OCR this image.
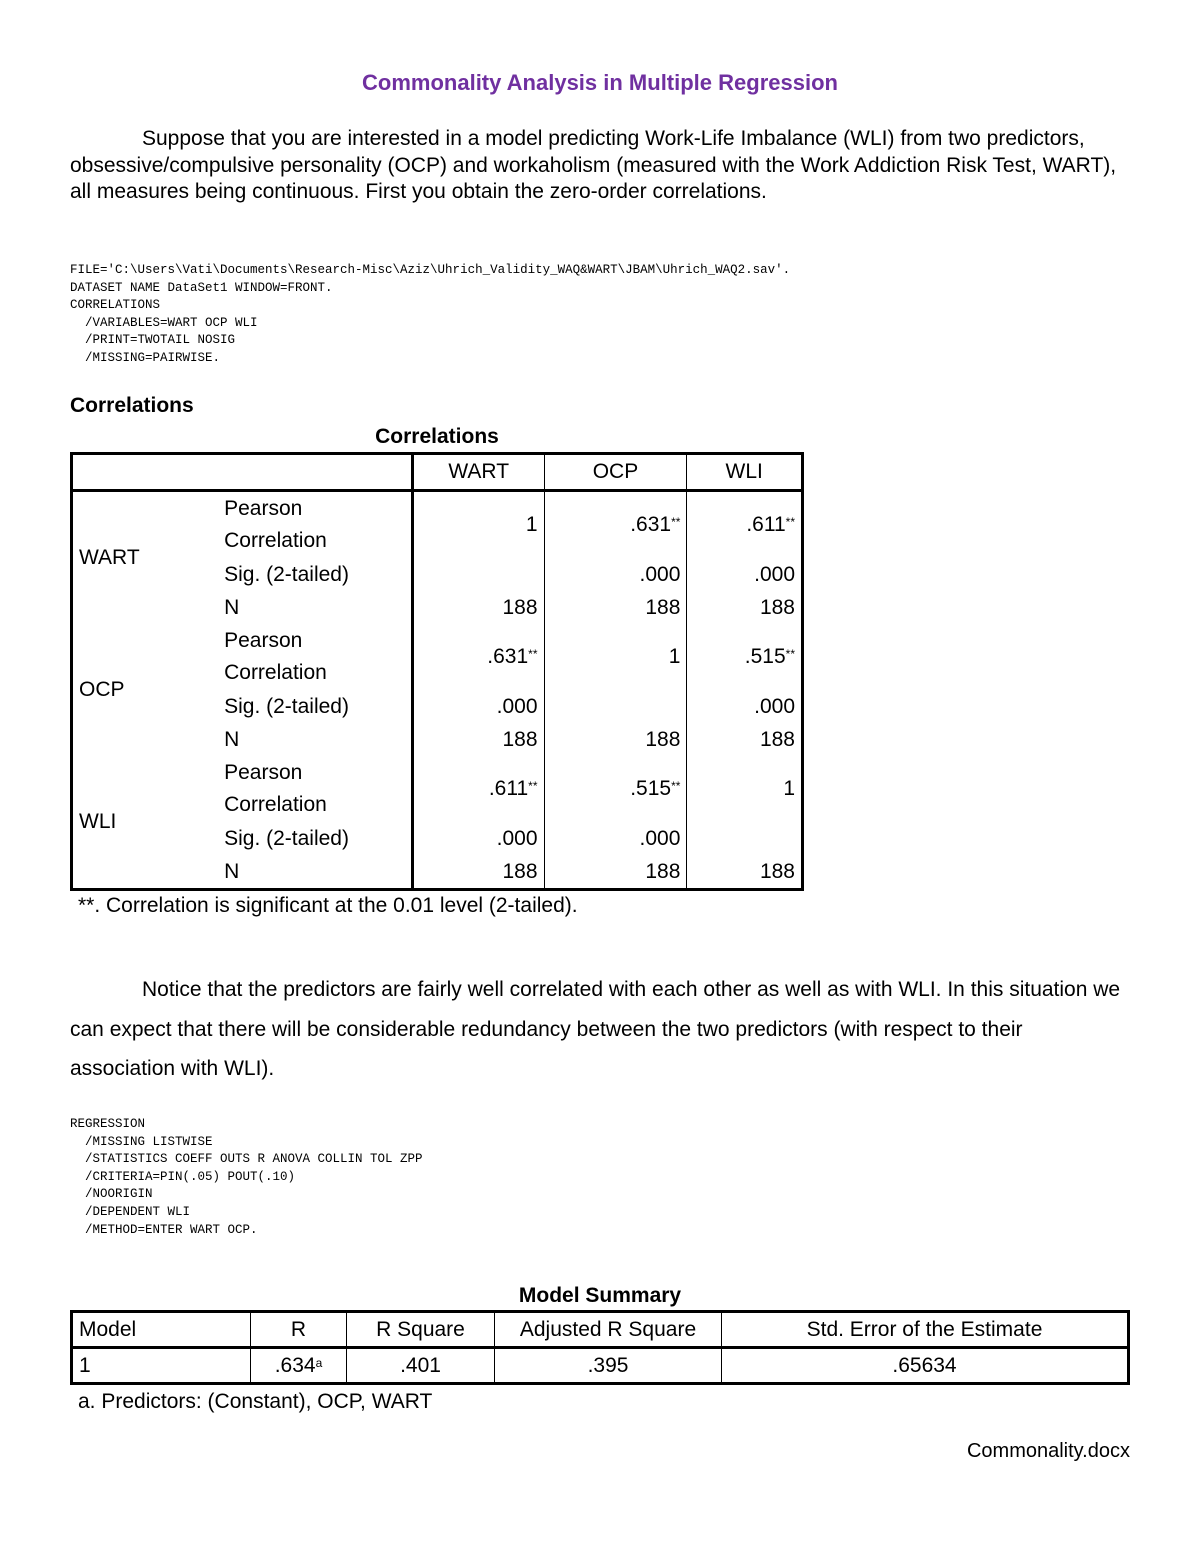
Commonality Analysis in Multiple Regression
Suppose that you are interested in a model predicting Work-Life Imbalance (WLI) from two predictors, obsessive/compulsive personality (OCP) and workaholism (measured with the Work Addiction Risk Test, WART), all measures being continuous. First you obtain the zero-order correlations.
FILE='C:\Users\Vati\Documents\Research-Misc\Aziz\Uhrich_Validity_WAQ&WART\JBAM\Uhrich_WAQ2.sav'.
DATASET NAME DataSet1 WINDOW=FRONT.
CORRELATIONS
/VARIABLES=WART OCP WLI
/PRINT=TWOTAIL NOSIG
/MISSING=PAIRWISE.
Correlations
Correlations
		WART	OCP	WLI
WART	Pearson
Correlation	1	.631**	.611**
	Sig. (2-tailed)		.000	.000
	N	188	188	188
OCP	Pearson
Correlation	.631**	1	.515**
	Sig. (2-tailed)	.000		.000
	N	188	188	188
WLI	Pearson
Correlation	.611**	.515**	1
	Sig. (2-tailed)	.000	.000	
	N	188	188	188
**. Correlation is significant at the 0.01 level (2-tailed).
Notice that the predictors are fairly well correlated with each other as well as with WLI. In this situation we can expect that there will be considerable redundancy between the two predictors (with respect to their association with WLI).
REGRESSION
/MISSING LISTWISE
/STATISTICS COEFF OUTS R ANOVA COLLIN TOL ZPP
/CRITERIA=PIN(.05) POUT(.10)
/NOORIGIN
/DEPENDENT WLI
/METHOD=ENTER WART OCP.
Model Summary
Model	R	R Square	Adjusted R Square	Std. Error of the Estimate
1	.634$^a$	.401	.395	.65634
a. Predictors: (Constant), OCP, WART
Commonality.docx
